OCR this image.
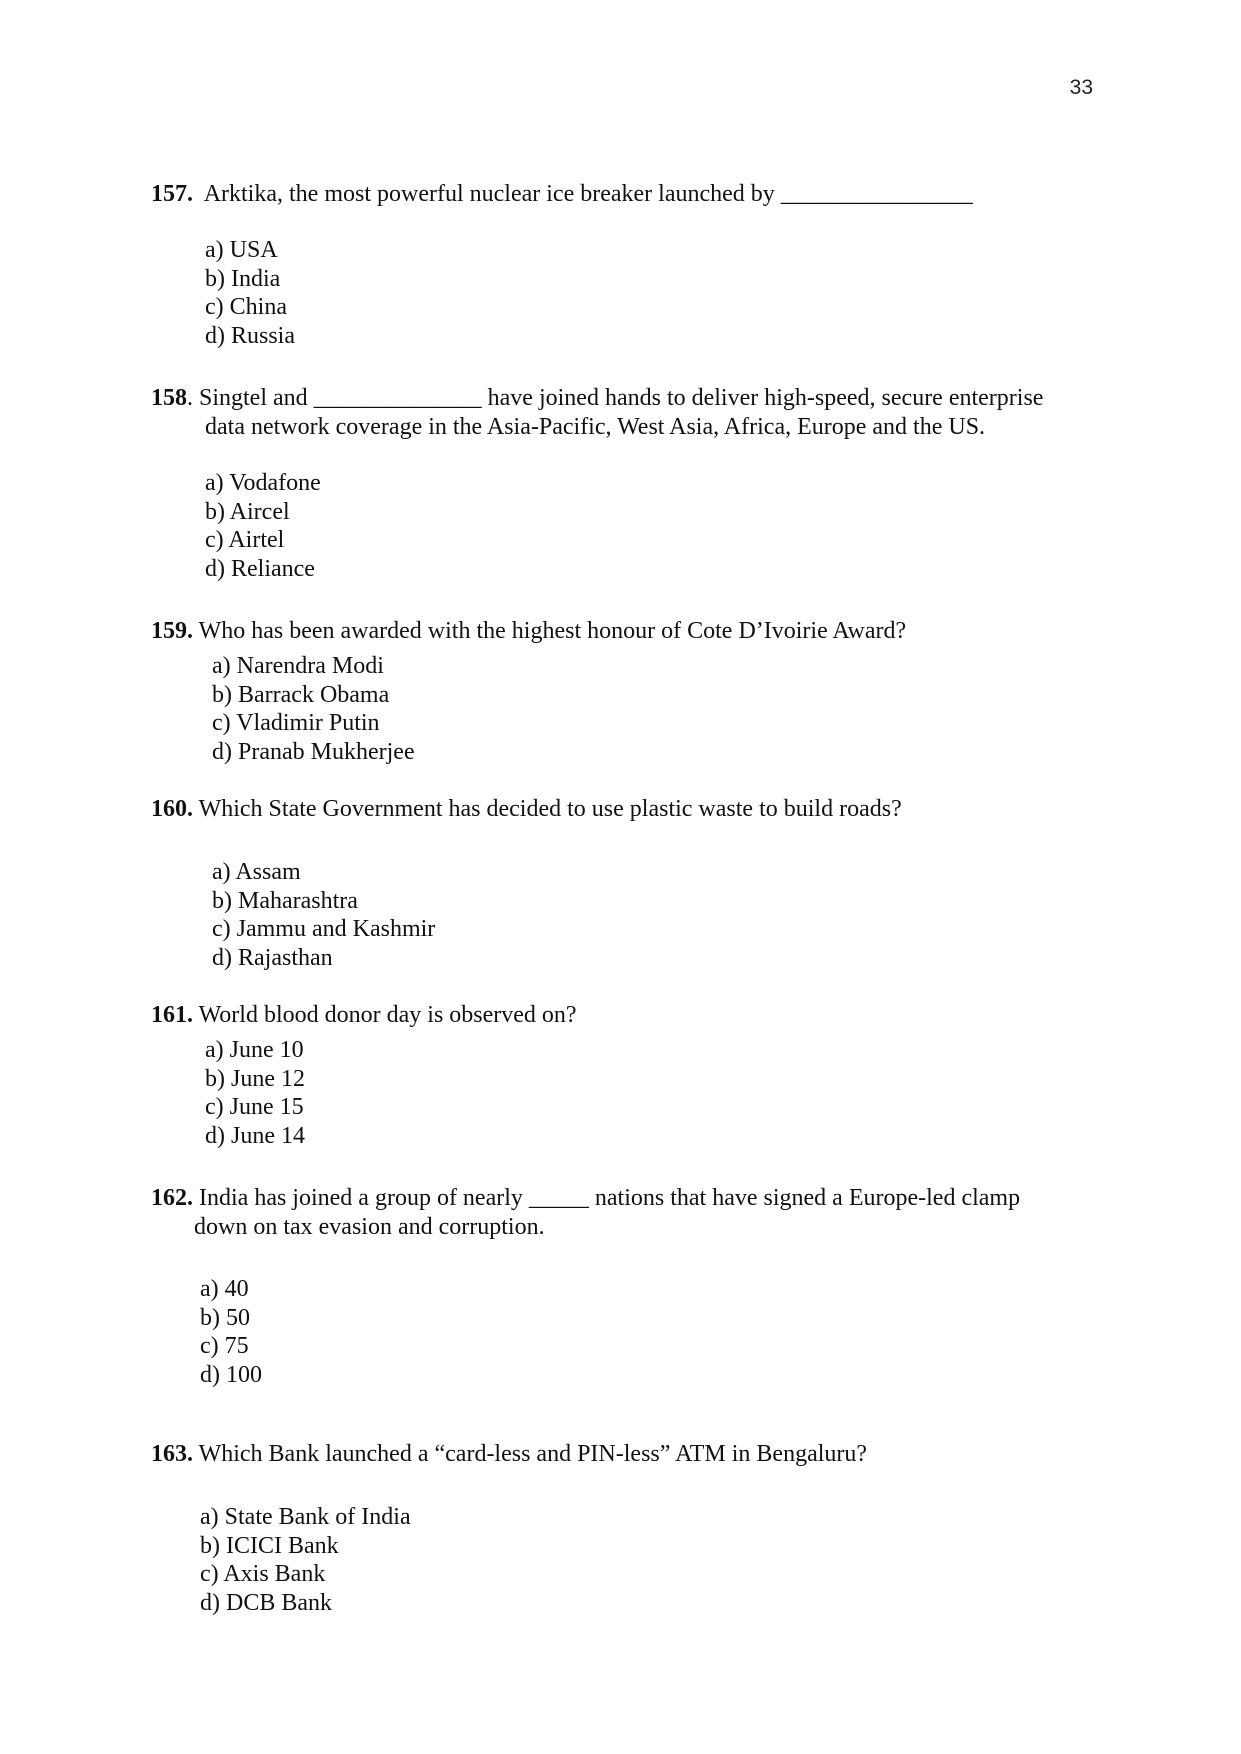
33

157. Arktika, the most powerful nuclear ice breaker launched by ________________

a) USA
b) India
c) China
d) Russia

158. Singtel and ______________ have joined hands to deliver high-speed, secure enterprise
data network coverage in the Asia-Pacific, West Asia, Africa, Europe and the US.

a) Vodafone
b) Aircel
c) Airtel
d) Reliance

159. Who has been awarded with the highest honour of Cote D’Ivoirie Award?

a) Narendra Modi
b) Barrack Obama
c) Vladimir Putin
d) Pranab Mukherjee

160. Which State Government has decided to use plastic waste to build roads?

a) Assam
b) Maharashtra
c) Jammu and Kashmir
d) Rajasthan

161. World blood donor day is observed on?

a) June 10
b) June 12
c) June 15
d) June 14

162. India has joined a group of nearly _____ nations that have signed a Europe-led clamp
down on tax evasion and corruption.

a) 40
b) 50
c) 75
d) 100

163. Which Bank launched a “card-less and PIN-less” ATM in Bengaluru?

a) State Bank of India
b) ICICI Bank
c) Axis Bank
d) DCB Bank
